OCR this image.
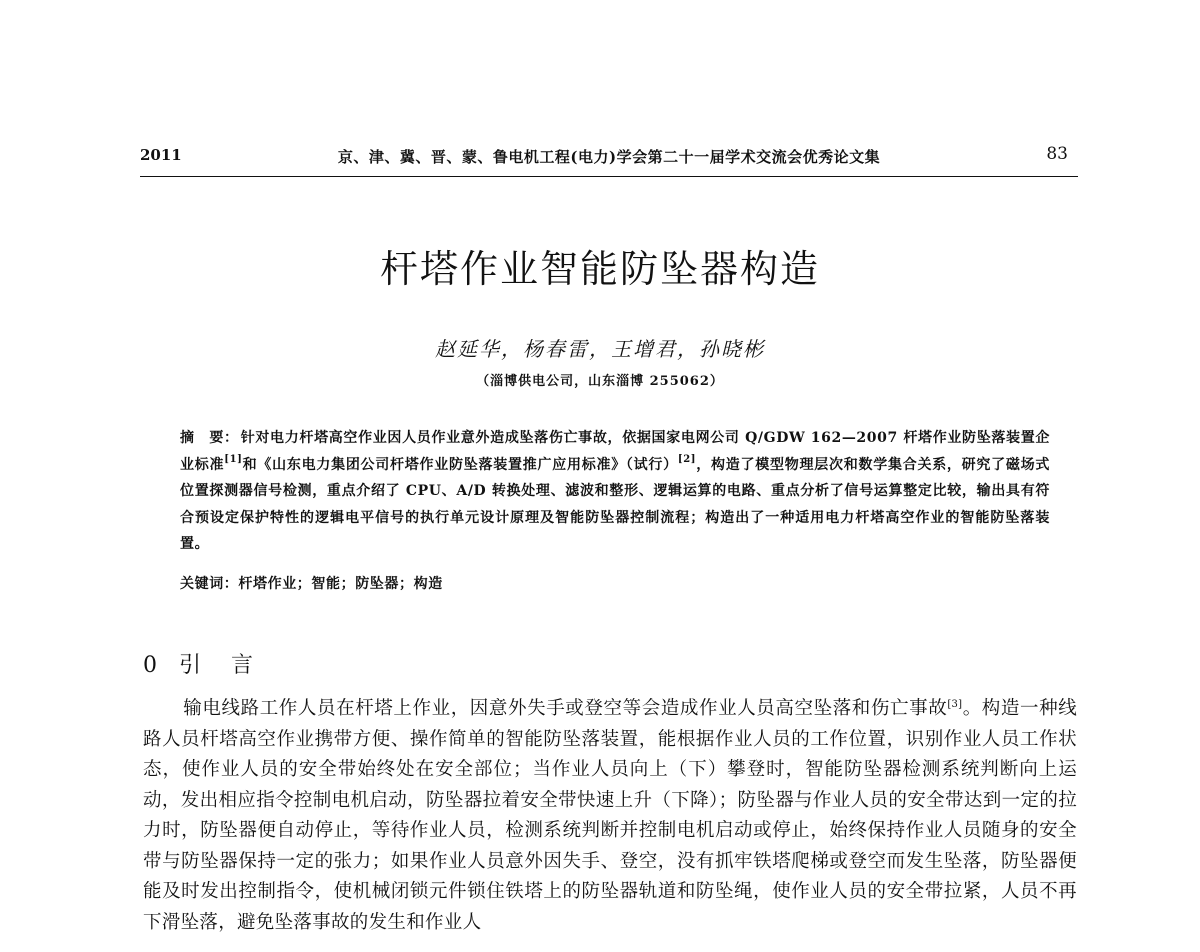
2011	京、津、冀、晋、蒙、鲁电机工程(电力)学会第二十一届学术交流会优秀论文集	83
杆塔作业智能防坠器构造
赵延华，杨春雷，王增君，孙晓彬
（淄博供电公司，山东淄博 255062）
摘　要： 针对电力杆塔高空作业因人员作业意外造成坠落伤亡事故，依据国家电网公司 Q/GDW 162—2007 杆塔作业防坠落装置企业标准[1]和《山东电力集团公司杆塔作业防坠落装置推广应用标准》（试行）[2]，构造了模型物理层次和数学集合关系，研究了磁场式位置探测器信号检测，重点介绍了 CPU、A/D 转换处理、滤波和整形、逻辑运算的电路、重点分析了信号运算整定比较，输出具有符合预设定保护特性的逻辑电平信号的执行单元设计原理及智能防坠器控制流程；构造出了一种适用电力杆塔高空作业的智能防坠落装置。
关键词：杆塔作业；智能；防坠器；构造
0 引　言
输电线路工作人员在杆塔上作业，因意外失手或登空等会造成作业人员高空坠落和伤亡事故[3]。构造一种线路人员杆塔高空作业携带方便、操作简单的智能防坠落装置，能根据作业人员的工作位置，识别作业人员工作状态，使作业人员的安全带始终处在安全部位；当作业人员向上（下）攀登时，智能防坠器检测系统判断向上运动，发出相应指令控制电机启动，防坠器拉着安全带快速上升（下降）；防坠器与作业人员的安全带达到一定的拉力时，防坠器便自动停止，等待作业人员，检测系统判断并控制电机启动或停止，始终保持作业人员随身的安全带与防坠器保持一定的张力；如果作业人员意外因失手、登空，没有抓牢铁塔爬梯或登空而发生坠落，防坠器便能及时发出控制指令，使机械闭锁元件锁住铁塔上的防坠器轨道和防坠绳，使作业人员的安全带拉紧，人员不再下滑坠落，避免坠落事故的发生和作业人
